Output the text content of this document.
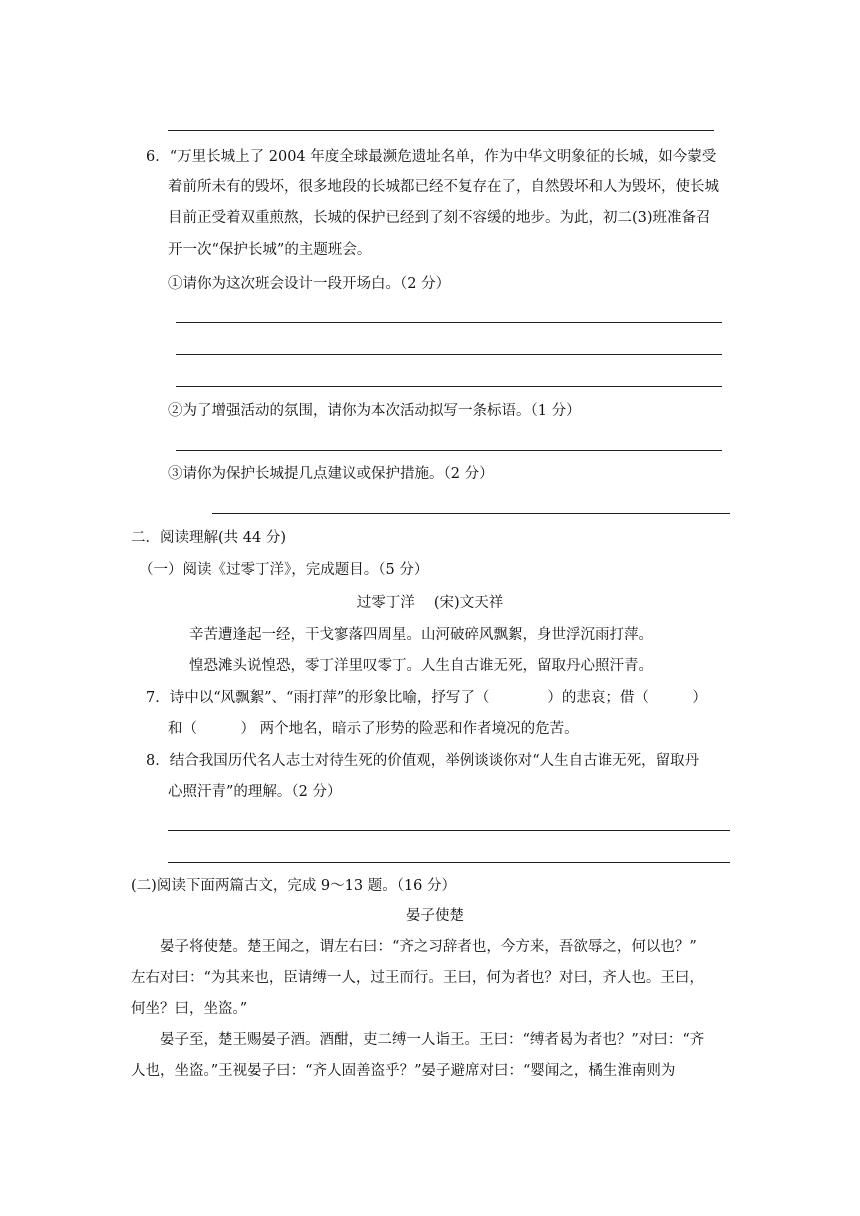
6．“万里长城上了 2004 年度全球最濒危遗址名单，作为中华文明象征的长城，如今蒙受
着前所未有的毁坏，很多地段的长城都已经不复存在了，自然毁坏和人为毁坏，使长城
目前正受着双重煎熬，长城的保护已经到了刻不容缓的地步。为此，初二(3)班准备召
开一次“保护长城”的主题班会。
①请你为这次班会设计一段开场白。（2 分）
②为了增强活动的氛围，请你为本次活动拟写一条标语。（1 分）
③请你为保护长城提几点建议或保护措施。（2 分）
二．阅读理解(共 44 分)
（一）阅读《过零丁洋》，完成题目。（5 分）
过零丁洋　 (宋)文天祥
辛苦遭逢起一经，干戈寥落四周星。山河破碎风飘絮，身世浮沉雨打萍。
惶恐滩头说惶恐，零丁洋里叹零丁。人生自古谁无死，留取丹心照汗青。
7．诗中以“风飘絮”、“雨打萍”的形象比喻，抒写了（　　　　）的悲哀；借（　　　）
和（　　　） 两个地名，暗示了形势的险恶和作者境况的危苦。
8．结合我国历代名人志士对待生死的价值观，举例谈谈你对“人生自古谁无死，留取丹
心照汗青”的理解。（2 分）
(二)阅读下面两篇古文，完成 9～13 题。（16 分）
晏子使楚
晏子将使楚。楚王闻之，谓左右曰：“齐之习辞者也，今方来，吾欲辱之，何以也？”
左右对曰：“为其来也，臣请缚一人，过王而行。王曰，何为者也？对曰，齐人也。王曰，
何坐？曰，坐盗。”
晏子至，楚王赐晏子酒。酒酣，吏二缚一人诣王。王曰：“缚者曷为者也？”对曰：“齐
人也，坐盗。”王视晏子曰：“齐人固善盗乎？”晏子避席对曰：“婴闻之，橘生淮南则为
